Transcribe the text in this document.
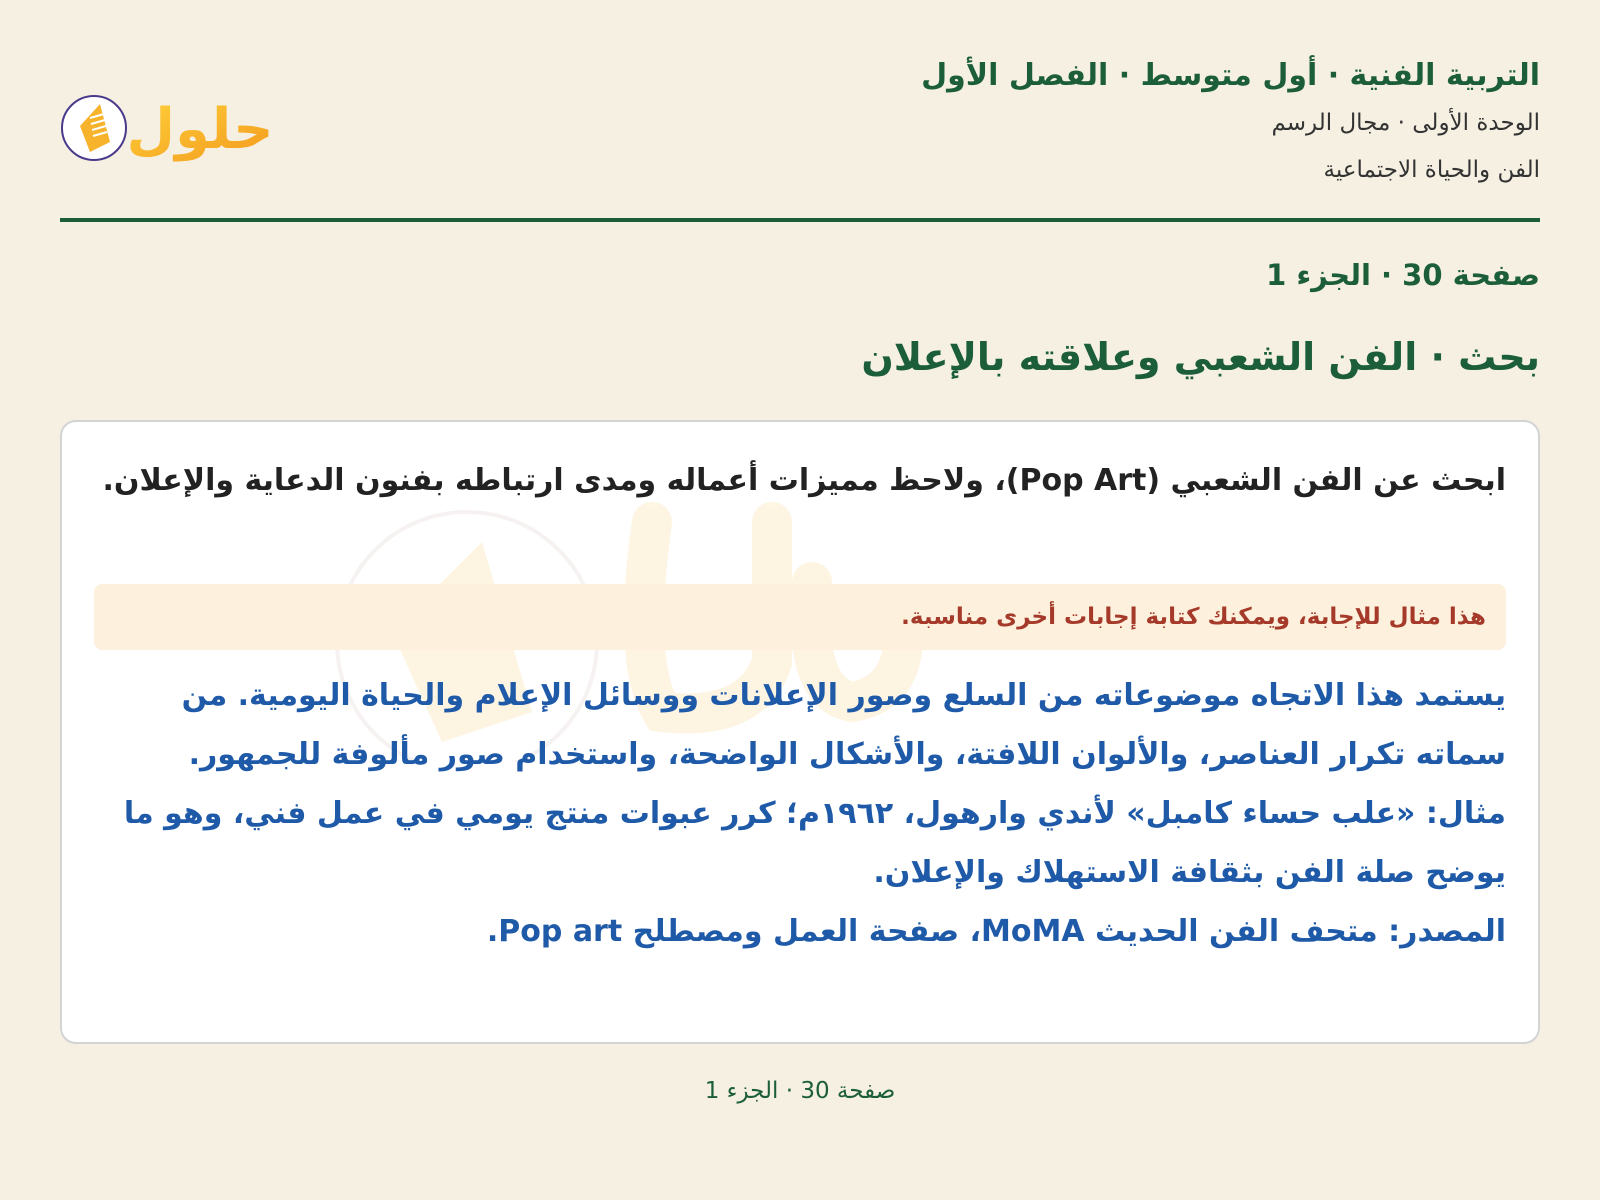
التربية الفنية · أول متوسط · الفصل الأول
الوحدة الأولى · مجال الرسم
الفن والحياة الاجتماعية
حلول
صفحة 30 · الجزء 1
بحث · الفن الشعبي وعلاقته بالإعلان
ابحث عن الفن الشعبي (Pop Art)، ولاحظ مميزات أعماله ومدى ارتباطه بفنون الدعاية والإعلان.
هذا مثال للإجابة، ويمكنك كتابة إجابات أخرى مناسبة.

يستمد هذا الاتجاه موضوعاته من السلع وصور الإعلانات ووسائل الإعلام والحياة اليومية. من سماته تكرار العناصر، والألوان اللافتة، والأشكال الواضحة، واستخدام صور مألوفة للجمهور.

مثال: «علب حساء كامبل» لأندي وارهول، ١٩٦٢م؛ كرر عبوات منتج يومي في عمل فني، وهو ما يوضح صلة الفن بثقافة الاستهلاك والإعلان.

المصدر: متحف الفن الحديث MoMA، صفحة العمل ومصطلح Pop art.

صفحة 30 · الجزء 1
